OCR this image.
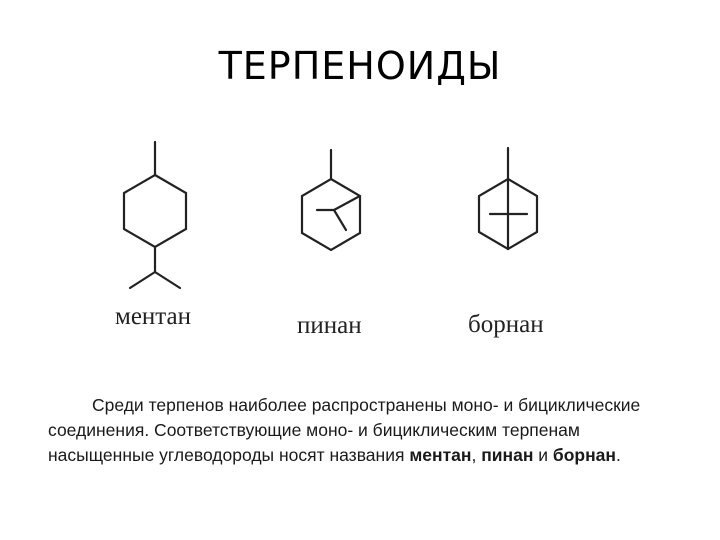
ТЕРПЕНОИДЫ
ментан	пинан	борнан
Среди терпенов наиболее распространены моно- и бициклические
соединения. Соответствующие моно- и бициклическим терпенам
насыщенные углеводороды носят названия ментан, пинан и борнан.
